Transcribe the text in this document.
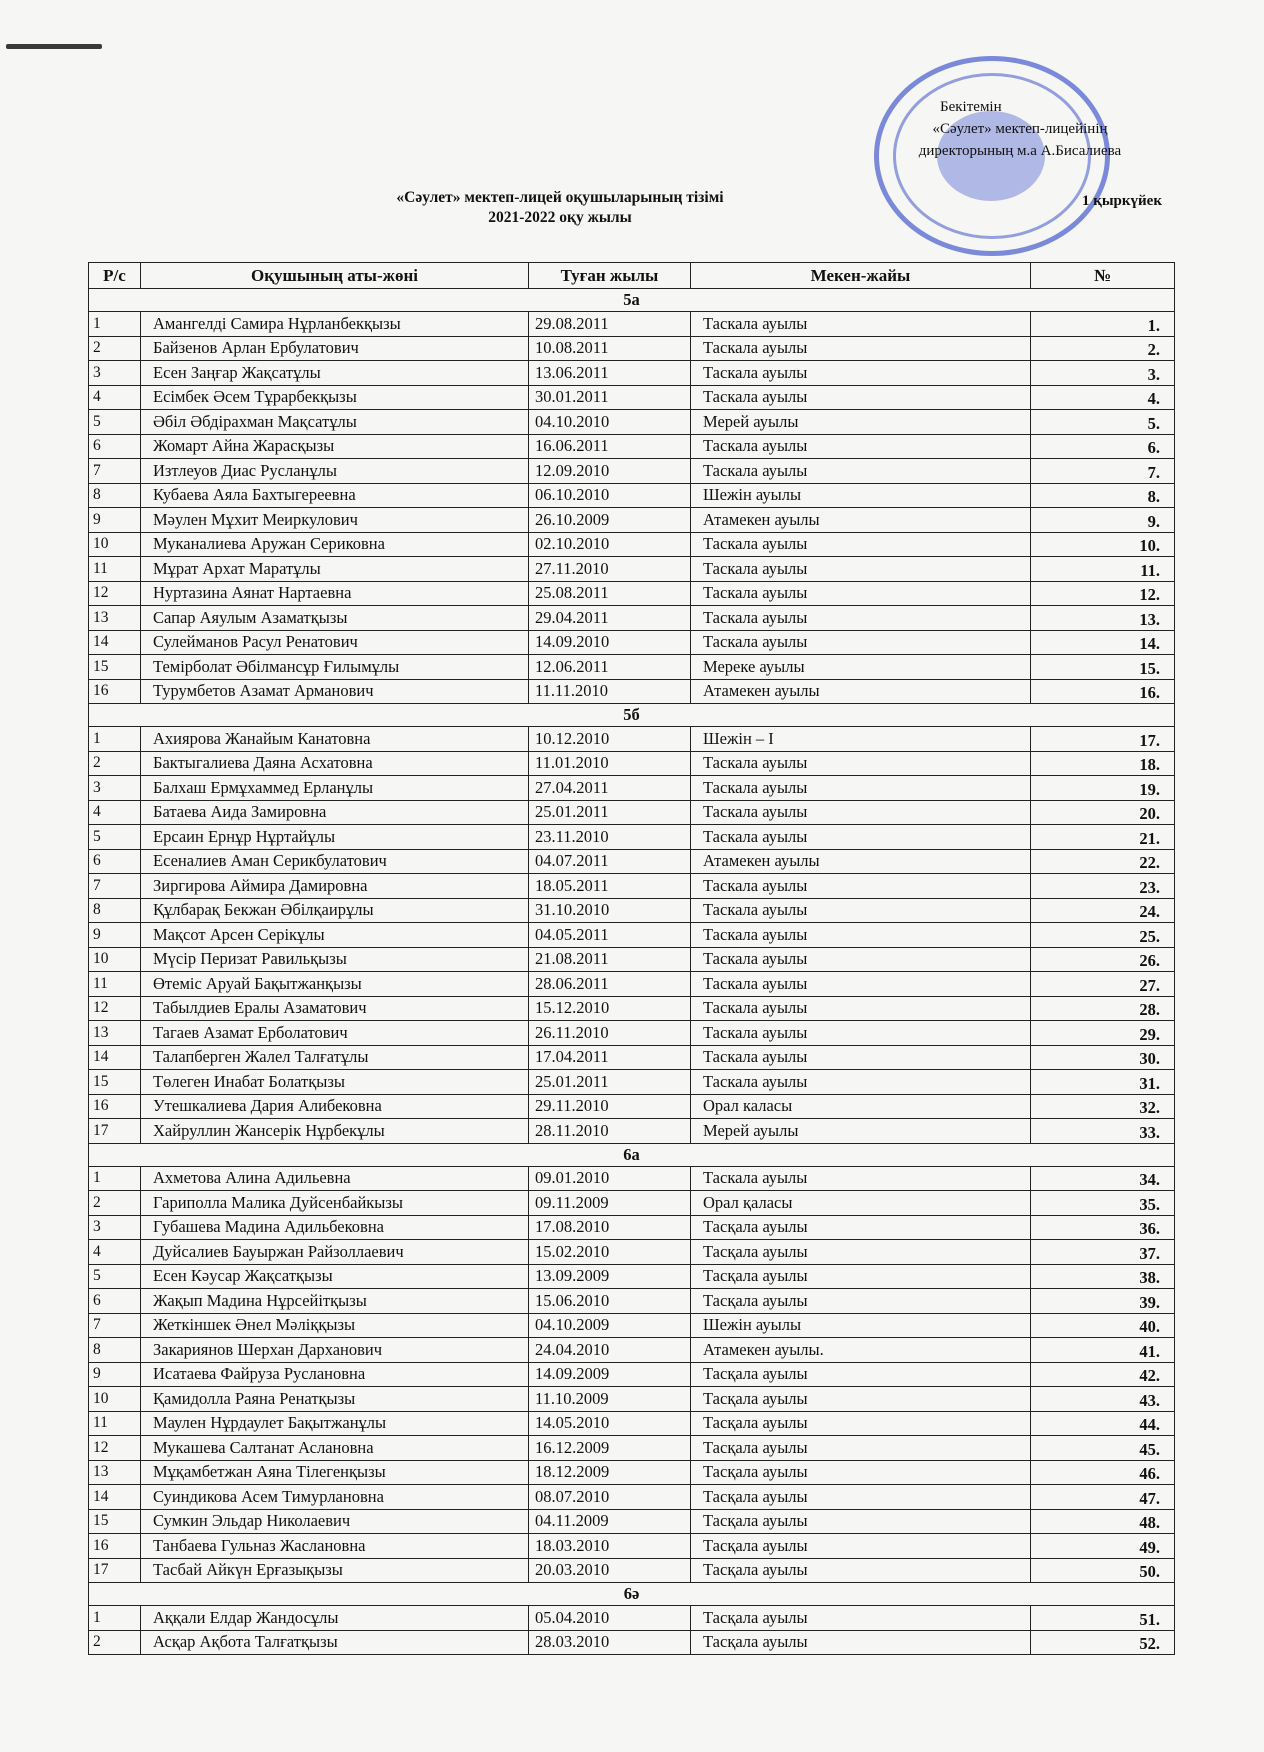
Бекітемін
«Сәулет» мектеп-лицейінің
директорының м.а А.Бисалиева
1 қыркүйек
«Сәулет» мектеп-лицей оқушыларының тізімі
2021-2022 оқу жылы
Р/с	Оқушының аты-жөні	Туған жылы	Мекен-жайы	№
5а				
1	Амангелді Самира Нұрланбекқызы	29.08.2011	Таскала ауылы	1.
2	Байзенов Арлан Ербулатович	10.08.2011	Таскала ауылы	2.
3	Есен Заңғар Жақсатұлы	13.06.2011	Таскала ауылы	3.
4	Есімбек Әсем Тұрарбекқызы	30.01.2011	Таскала ауылы	4.
5	Әбіл Әбдірахман Мақсатұлы	04.10.2010	Мерей ауылы	5.
6	Жомарт Айна Жарасқызы	16.06.2011	Таскала ауылы	6.
7	Изтлеуов Диас Русланұлы	12.09.2010	Таскала ауылы	7.
8	Кубаева Аяла Бахтыгереевна	06.10.2010	Шежін ауылы	8.
9	Мәулен Мұхит Меиркулович	26.10.2009	Атамекен ауылы	9.
10	Муканалиева Аружан Сериковна	02.10.2010	Таскала ауылы	10.
11	Мұрат Архат Маратұлы	27.11.2010	Таскала ауылы	11.
12	Нуртазина Аянат Нартаевна	25.08.2011	Таскала ауылы	12.
13	Сапар Аяулым Азаматқызы	29.04.2011	Таскала ауылы	13.
14	Сулейманов Расул Ренатович	14.09.2010	Таскала ауылы	14.
15	Темірболат Әбілмансұр Ғилымұлы	12.06.2011	Мереке ауылы	15.
16	Турумбетов Азамат Арманович	11.11.2010	Атамекен ауылы	16.
5б				
1	Ахиярова Жанайым Канатовна	10.12.2010	Шежін – I	17.
2	Бактыгалиева Даяна Асхатовна	11.01.2010	Таскала ауылы	18.
3	Балхаш Ермұхаммед Ерланұлы	27.04.2011	Таскала ауылы	19.
4	Батаева Аида Замировна	25.01.2011	Таскала ауылы	20.
5	Ерсаин Ернұр Нұртайұлы	23.11.2010	Таскала ауылы	21.
6	Есеналиев Аман Серикбулатович	04.07.2011	Атамекен ауылы	22.
7	Зиргирова Аймира Дамировна	18.05.2011	Таскала ауылы	23.
8	Құлбарақ Бекжан Әбілқаирұлы	31.10.2010	Таскала ауылы	24.
9	Мақсот Арсен Серікұлы	04.05.2011	Таскала ауылы	25.
10	Мүсір Перизат Равильқызы	21.08.2011	Таскала ауылы	26.
11	Өтеміс Аруай Бақытжанқызы	28.06.2011	Таскала ауылы	27.
12	Табылдиев Ералы Азаматович	15.12.2010	Таскала ауылы	28.
13	Тагаев Азамат Ерболатович	26.11.2010	Таскала ауылы	29.
14	Талапберген Жалел Талғатұлы	17.04.2011	Таскала ауылы	30.
15	Төлеген Инабат Болатқызы	25.01.2011	Таскала ауылы	31.
16	Утешкалиева Дария Алибековна	29.11.2010	Орал каласы	32.
17	Хайруллин Жансерік Нұрбекұлы	28.11.2010	Мерей ауылы	33.
6а				
1	Ахметова Алина Адильевна	09.01.2010	Таскала ауылы	34.
2	Гариполла Малика Дуйсенбайкызы	09.11.2009	Орал қаласы	35.
3	Губашева Мадина Адильбековна	17.08.2010	Тасқала ауылы	36.
4	Дуйсалиев Бауыржан Райзоллаевич	15.02.2010	Тасқала ауылы	37.
5	Есен Кәусар Жақсатқызы	13.09.2009	Тасқала ауылы	38.
6	Жақып Мадина Нұрсейітқызы	15.06.2010	Тасқала ауылы	39.
7	Жеткіншек Әнел Мәліққызы	04.10.2009	Шежін ауылы	40.
8	Закариянов Шерхан Дарханович	24.04.2010	Атамекен ауылы.	41.
9	Исатаева Файруза Руслановна	14.09.2009	Тасқала ауылы	42.
10	Қамидолла Раяна Ренатқызы	11.10.2009	Тасқала ауылы	43.
11	Маулен Нұрдаулет Бақытжанұлы	14.05.2010	Тасқала ауылы	44.
12	Мукашева Салтанат Аслановна	16.12.2009	Тасқала ауылы	45.
13	Мұқамбетжан Аяна Тілегенқызы	18.12.2009	Тасқала ауылы	46.
14	Суиндикова Асем Тимурлановна	08.07.2010	Тасқала ауылы	47.
15	Сумкин Эльдар Николаевич	04.11.2009	Тасқала ауылы	48.
16	Танбаева Гульназ Жаслановна	18.03.2010	Тасқала ауылы	49.
17	Тасбай Айкүн Ерғазықызы	20.03.2010	Тасқала ауылы	50.
6ә				
1	Аққали Елдар Жандосұлы	05.04.2010	Тасқала ауылы	51.
2	Асқар Ақбота Талғатқызы	28.03.2010	Тасқала ауылы	52.
